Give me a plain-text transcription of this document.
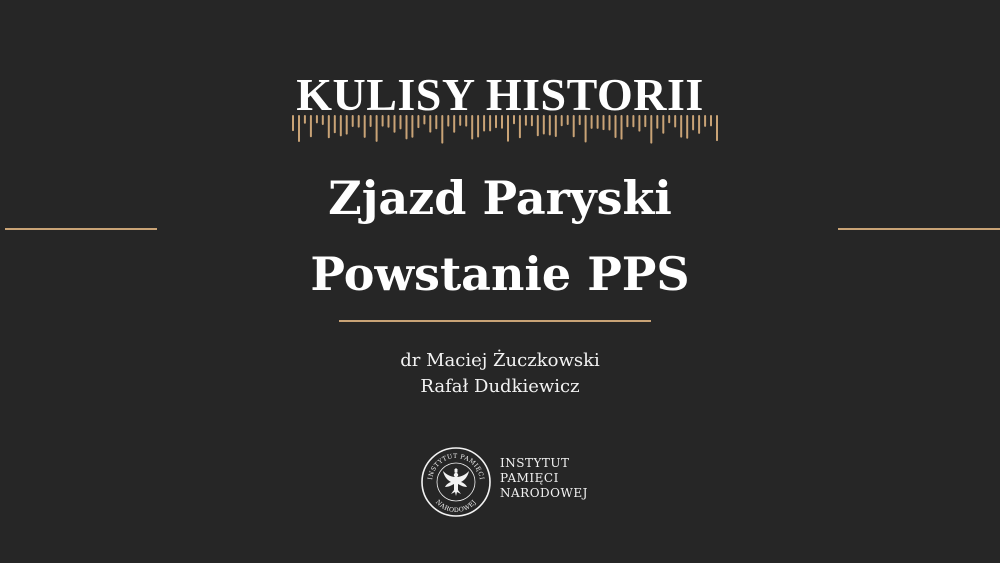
KULISY HISTORII
Zjazd Paryski
Powstanie PPS
dr Maciej Żuczkowski
Rafał Dudkiewicz
INSTYTUT PAMIĘCI
NARODOWEJ
INSTYTUT
PAMIĘCI
NARODOWEJ
